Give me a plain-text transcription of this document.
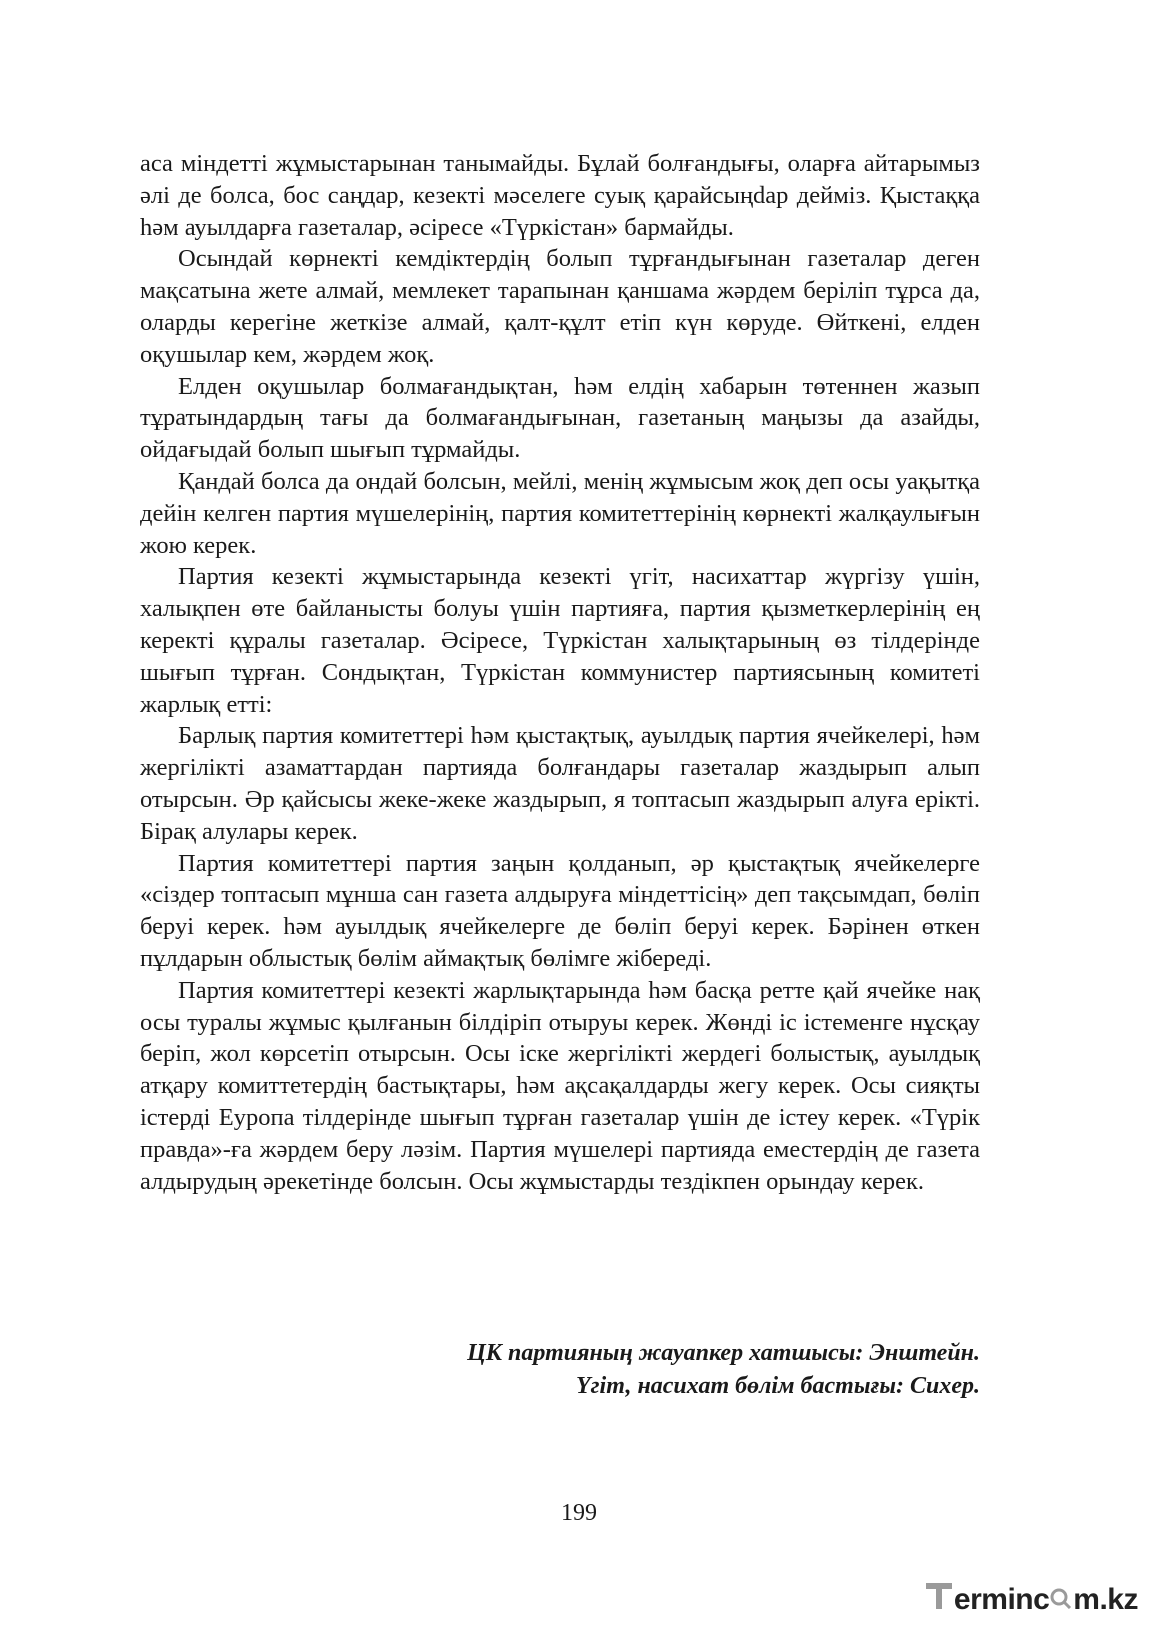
аса міндетті жұмыстарынан танымайды. Бұлай болғандығы, оларға айтарымыз әлі де болса, бос саңдар, кезекті мәселеге суық қарайсыңdар дейміз. Қыстаққа һәм ауылдарға газеталар, әсіресе «Түркістан» бармайды.

Осындай көрнекті кемдіктердің болып тұрғандығынан газеталар деген мақсатына жете алмай, мемлекет тарапынан қаншама жәрдем беріліп тұрса да, оларды керегіне жеткізе алмай, қалт-құлт етіп күн көруде. Өйткені, елден оқушылар кем, жәрдем жоқ.

Елден оқушылар болмағандықтан, һәм елдің хабарын төтеннен жазып тұратындардың тағы да болмағандығынан, газетаның маңызы да азайды, ойдағыдай болып шығып тұрмайды.

Қандай болса да ондай болсын, мейлі, менің жұмысым жоқ деп осы уақытқа дейін келген партия мүшелерінің, партия комитеттерінің көрнекті жалқаулығын жою керек.

Партия кезекті жұмыстарында кезекті үгіт, насихаттар жүргізу үшін, халықпен өте байланысты болуы үшін партияға, партия қызметкерлерінің ең керекті құралы газеталар. Әсіресе, Түркістан халықтарының өз тілдерінде шығып тұрған. Сондықтан, Түркістан коммунистер партиясының комитеті жарлық етті:

Барлық партия комитеттері һәм қыстақтық, ауылдық партия ячейкелері, һәм жергілікті азаматтардан партияда болғандары газеталар жаздырып алып отырсын. Әр қайсысы жеке-жеке жаздырып, я топтасып жаздырып алуға ерікті. Бірақ алулары керек.

Партия комитеттері партия заңын қолданып, әр қыстақтық ячейкелерге «сіздер топтасып мұнша сан газета алдыруға міндеттісің» деп тақсымдап, бөліп беруі керек. һәм ауылдық ячейкелерге де бөліп беруі керек. Бәрінен өткен пұлдарын облыстық бөлім аймақтық бөлімге жібереді.

Партия комитеттері кезекті жарлықтарында һәм басқа ретте қай ячейке нақ осы туралы жұмыс қылғанын білдіріп отыруы керек. Жөнді іс істеменге нұсқау беріп, жол көрсетіп отырсын. Осы іске жергілікті жердегі болыстық, ауылдық атқару комиттетердің бастықтары, һәм ақсақалдарды жегу керек. Осы сияқты істерді Еуропа тілдерінде шығып тұрған газеталар үшін де істеу керек. «Түрік правда»-ға жәрдем беру ләзім. Партия мүшелері партияда еместердің де газета алдырудың әрекетінде болсын. Осы жұмыстарды тездікпен орындау керек.

ЦК партияның жауапкер хатшысы: Энштейн.
Үгіт, насихат бөлім бастығы: Сихер.
199
ermin c m.kz
